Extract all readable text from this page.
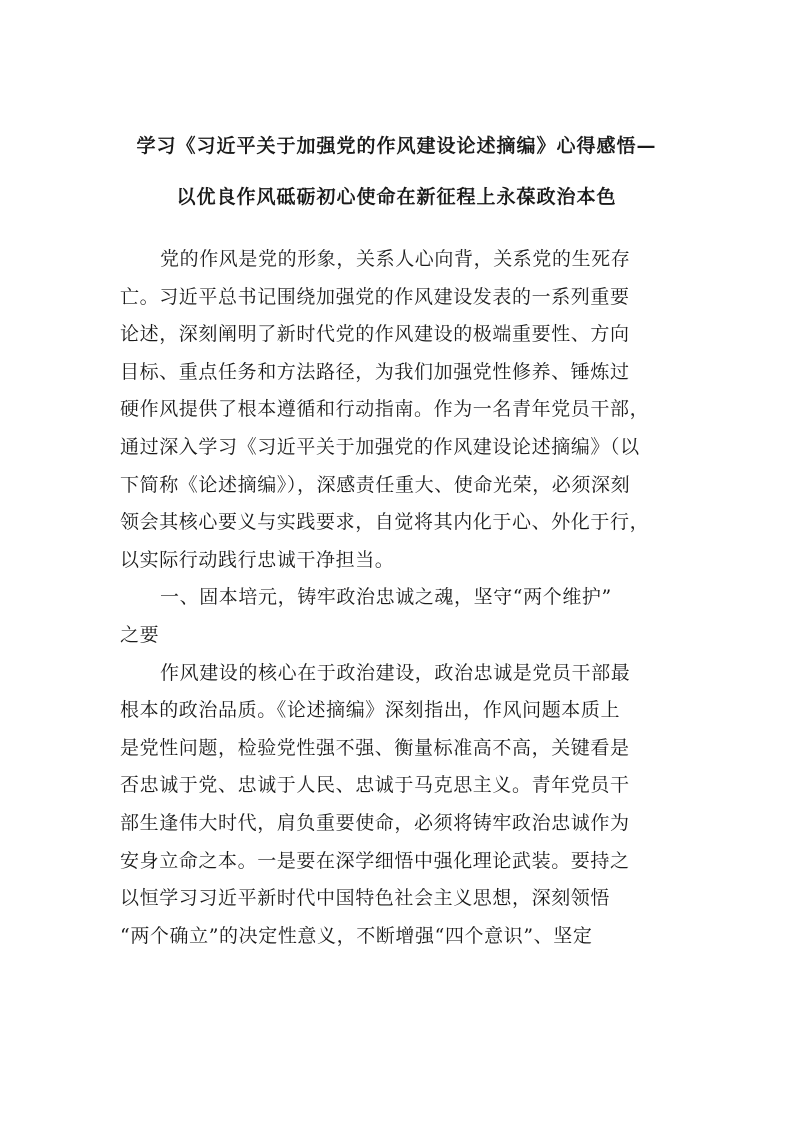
学习《习近平关于加强党的作风建设论述摘编》心得感悟—
以优良作风砥砺初心使命在新征程上永葆政治本色
党的作风是党的形象，关系人心向背，关系党的生死存
亡。习近平总书记围绕加强党的作风建设发表的一系列重要
论述，深刻阐明了新时代党的作风建设的极端重要性、方向
目标、重点任务和方法路径，为我们加强党性修养、锤炼过
硬作风提供了根本遵循和行动指南。作为一名青年党员干部，
通过深入学习《习近平关于加强党的作风建设论述摘编》（以
下简称《论述摘编》），深感责任重大、使命光荣，必须深刻
领会其核心要义与实践要求，自觉将其内化于心、外化于行，
以实际行动践行忠诚干净担当。
一、固本培元，铸牢政治忠诚之魂，坚守“两个维护”
之要
作风建设的核心在于政治建设，政治忠诚是党员干部最
根本的政治品质。《论述摘编》深刻指出，作风问题本质上
是党性问题，检验党性强不强、衡量标准高不高，关键看是
否忠诚于党、忠诚于人民、忠诚于马克思主义。青年党员干
部生逢伟大时代，肩负重要使命，必须将铸牢政治忠诚作为
安身立命之本。一是要在深学细悟中强化理论武装。要持之
以恒学习习近平新时代中国特色社会主义思想，深刻领悟
“两个确立”的决定性意义，不断增强“四个意识”、坚定
